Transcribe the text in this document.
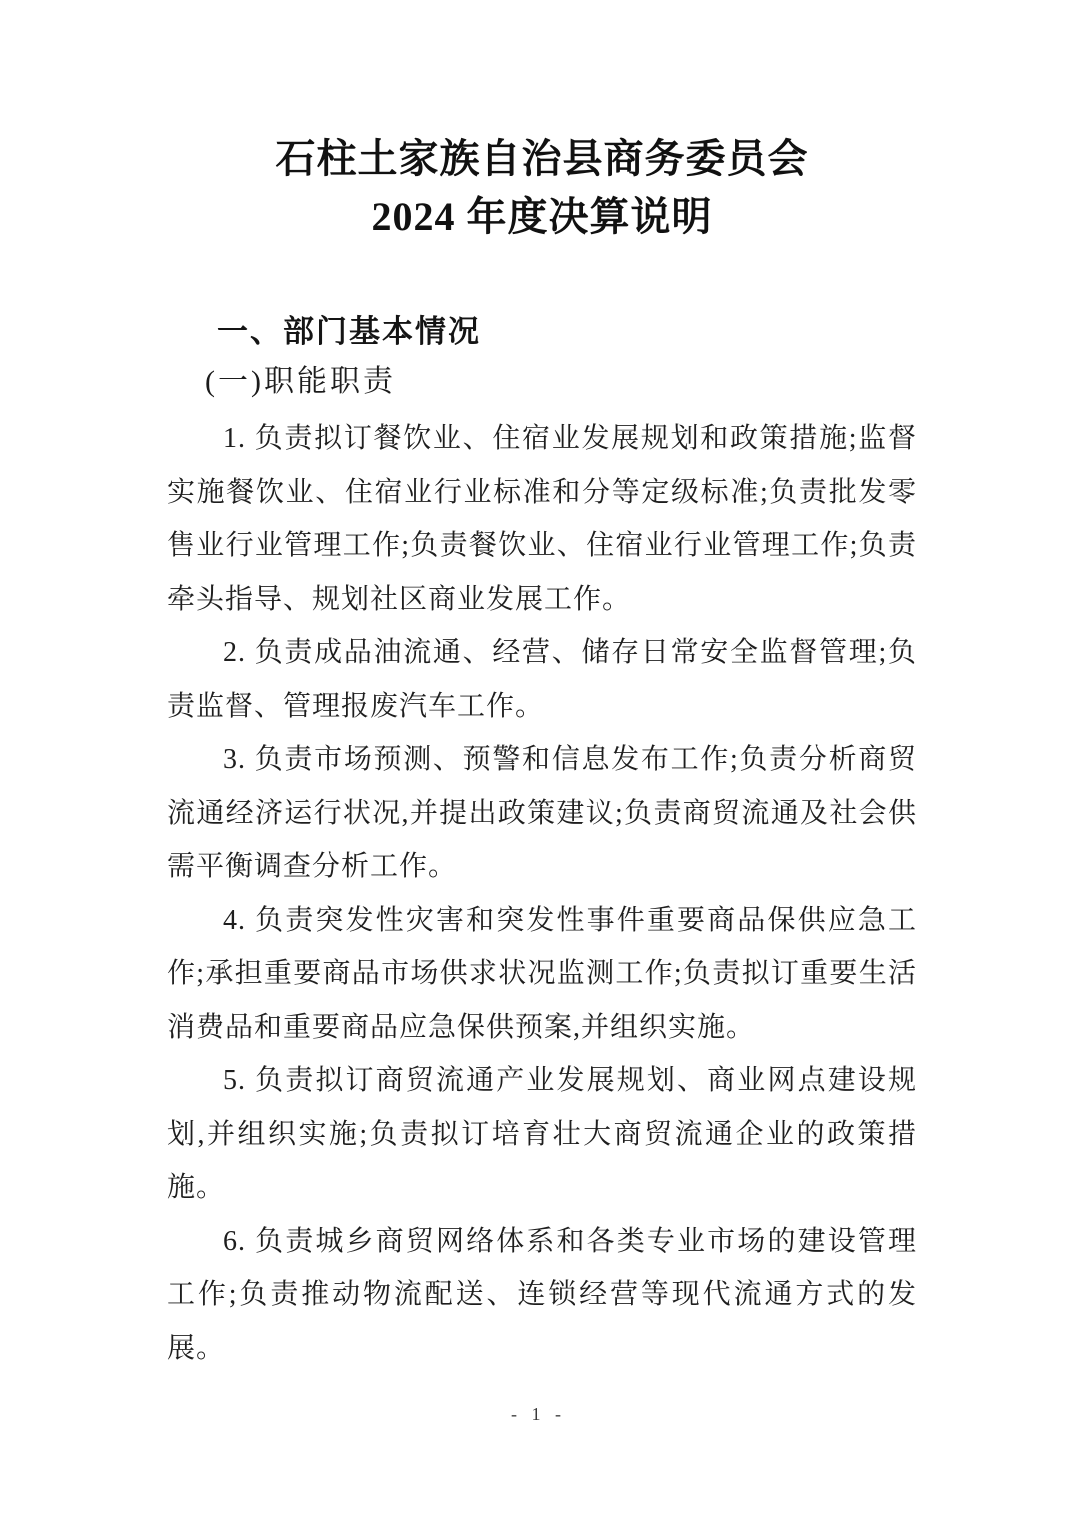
石柱土家族自治县商务委员会
2024 年度决算说明
一、部门基本情况
(一)职能职责

1. 负责拟订餐饮业、住宿业发展规划和政策措施;监督实施餐饮业、住宿业行业标准和分等定级标准;负责批发零售业行业管理工作;负责餐饮业、住宿业行业管理工作;负责牵头指导、规划社区商业发展工作。

2. 负责成品油流通、经营、储存日常安全监督管理;负责监督、管理报废汽车工作。

3. 负责市场预测、预警和信息发布工作;负责分析商贸流通经济运行状况,并提出政策建议;负责商贸流通及社会供需平衡调查分析工作。

4. 负责突发性灾害和突发性事件重要商品保供应急工作;承担重要商品市场供求状况监测工作;负责拟订重要生活消费品和重要商品应急保供预案,并组织实施。

5. 负责拟订商贸流通产业发展规划、商业网点建设规划,并组织实施;负责拟订培育壮大商贸流通企业的政策措施。

6. 负责城乡商贸网络体系和各类专业市场的建设管理工作;负责推动物流配送、连锁经营等现代流通方式的发展。

- 1 -
